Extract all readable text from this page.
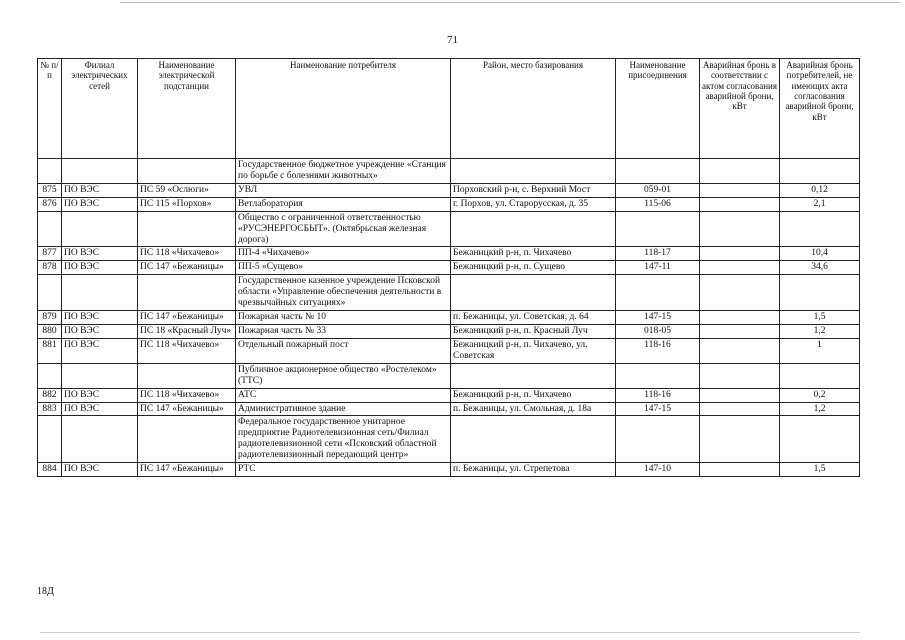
71
№ п/п	Филиал электрических сетей	Наименование электрической подстанции	Наименование потребителя	Район, место базирования	Наименование присоединения	Аварийная бронь в соответствии с актом согласования аварийной брони, кВт	Аварийная бронь потребителей, не имеющих акта согласования аварийной брони, кВт
			Государственное бюджетное учреждение «Станция по борьбе с болезнями животных»				
875	ПО ВЭС	ПС 59 «Ослюги»	УВЛ	Порховский р-н, с. Верхний Мост	059-01		0,12
876	ПО ВЭС	ПС 115 «Порхов»	Ветлаборатория	г. Порхов, ул. Старорусская, д. 35	115-06		2,1
			Общество с ограниченной ответственностью «РУСЭНЕРГОСБЫТ». (Октябрьская железная дорога)				
877	ПО ВЭС	ПС 118 «Чихачево»	ПП-4 «Чихачево»	Бежаницкий р-н, п. Чихачево	118-17		10,4
878	ПО ВЭС	ПС 147 «Бежаницы»	ПП-5 «Сущево»	Бежаницкий р-н, п. Сущево	147-11		34,6
			Государственное казенное учреждение Псковской области «Управление обеспечения деятельности в чрезвычайных ситуациях»				
879	ПО ВЭС	ПС 147 «Бежаницы»	Пожарная часть № 10	п. Бежаницы, ул. Советская, д. 64	147-15		1,5
880	ПО ВЭС	ПС 18 «Красный Луч»	Пожарная часть № 33	Бежаницкий р-н, п. Красный Луч	018-05		1,2
881	ПО ВЭС	ПС 118 «Чихачево»	Отдельный пожарный пост	Бежаницкий р-н, п. Чихачево, ул. Советская	118-16		1
			Публичное акционерное общество «Ростелеком» (ТТС)				
882	ПО ВЭС	ПС 118 «Чихачево»	АТС	Бежаницкий р-н, п. Чихачево	118-16		0,2
883	ПО ВЭС	ПС 147 «Бежаницы»	Административное здание	п. Бежаницы, ул. Смольная, д. 18а	147-15		1,2
			Федеральное государственное унитарное предприятие Радиотелевизионная сеть/Филиал радиотелевизионной сети «Псковский областной радиотелевизионный передающий центр»				
884	ПО ВЭС	ПС 147 «Бежаницы»	РТС	п. Бежаницы, ул. Стрепетова	147-10		1,5
18Д
